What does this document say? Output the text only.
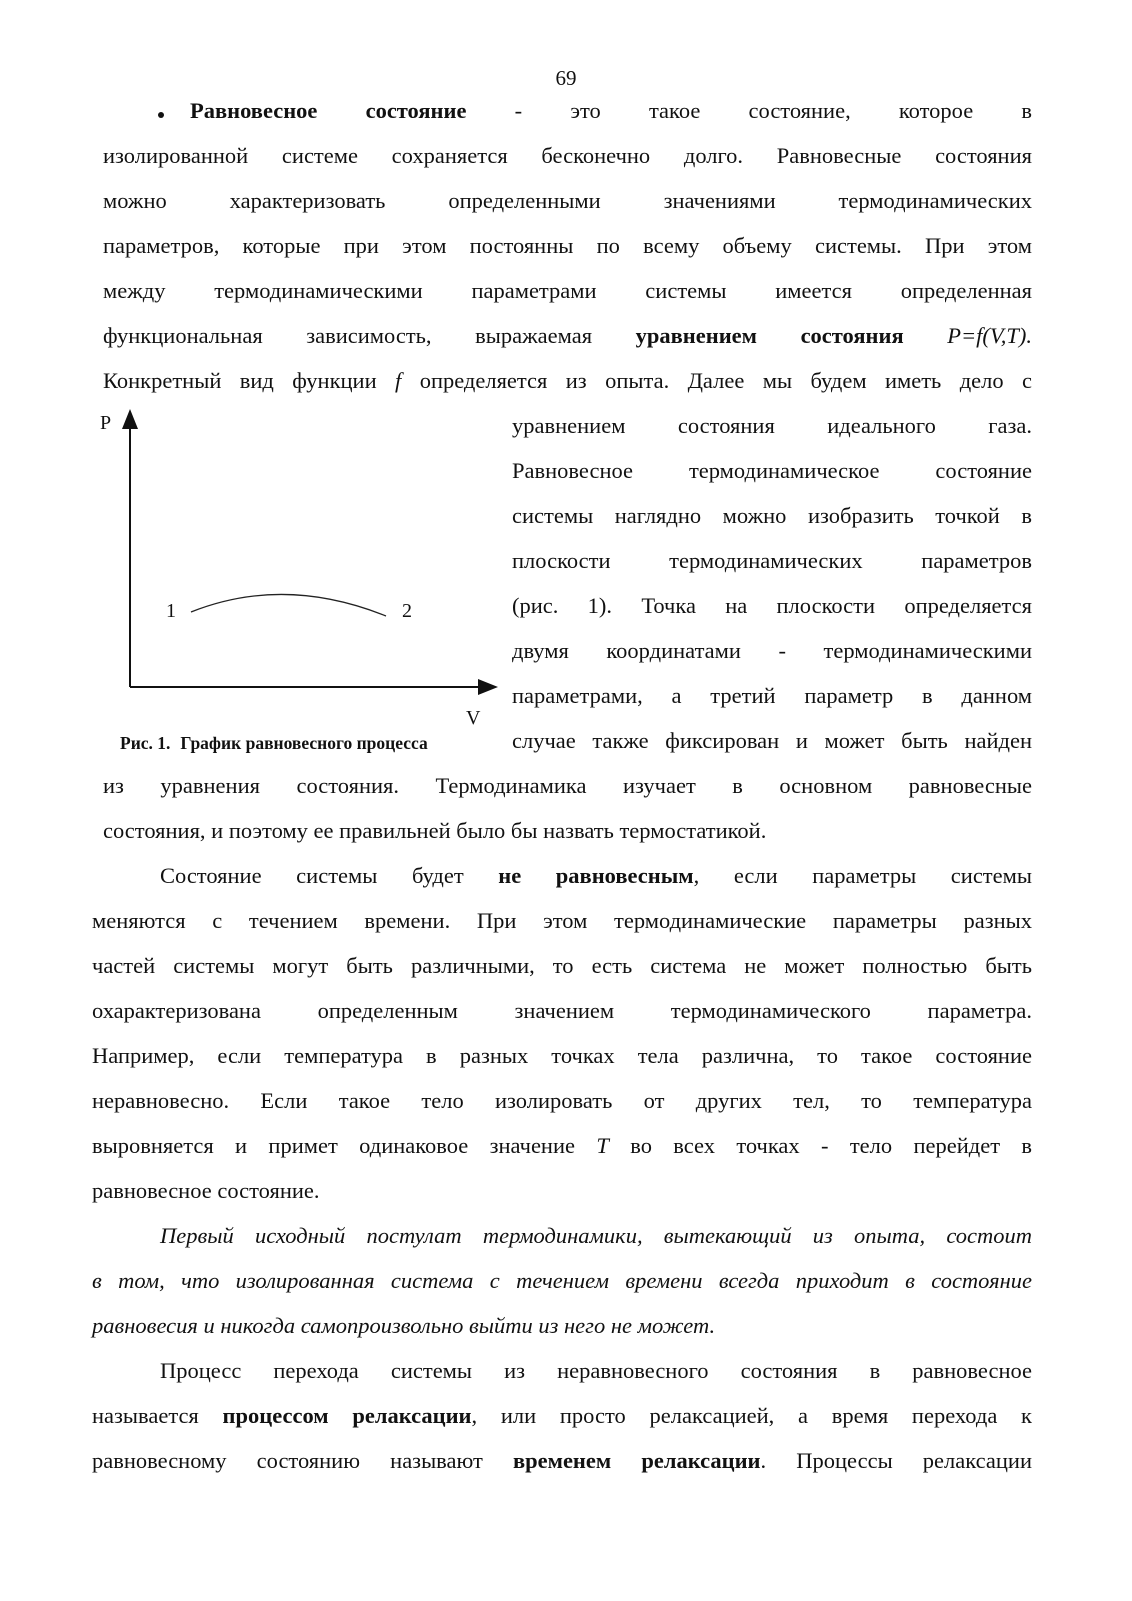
69
Равновесное состояние - это такое состояние, которое в
изолированной системе сохраняется бесконечно долго. Равновесные состояния
можно характеризовать определенными значениями термодинамических
параметров, которые при этом постоянны по всему объему системы. При этом
между термодинамическими параметрами системы имеется определенная
функциональная зависимость, выражаемая уравнением состояния P=f(V,T).
Конкретный вид функции f определяется из опыта. Далее мы будем иметь дело с
уравнением состояния идеального газа.
Равновесное термодинамическое состояние
системы наглядно можно изобразить точкой в
плоскости термодинамических параметров
(рис. 1). Точка на плоскости определяется
двумя координатами - термодинамическими
параметрами, а третий параметр в данном
случае также фиксирован и может быть найден
из уравнения состояния. Термодинамика изучает в основном равновесные
состояния, и поэтому ее правильней было бы назвать термостатикой.
P
V
1	2
Рис. 1. График равновесного процесса
Состояние системы будет не равновесным, если параметры системы
меняются с течением времени. При этом термодинамические параметры разных
частей системы могут быть различными, то есть система не может полностью быть
охарактеризована определенным значением термодинамического параметра.
Например, если температура в разных точках тела различна, то такое состояние
неравновесно. Если такое тело изолировать от других тел, то температура
выровняется и примет одинаковое значение T во всех точках - тело перейдет в
равновесное состояние.
Первый исходный постулат термодинамики, вытекающий из опыта, состоит
в том, что изолированная система с течением времени всегда приходит в состояние
равновесия и никогда самопроизвольно выйти из него не может.
Процесс перехода системы из неравновесного состояния в равновесное
называется процессом релаксации, или просто релаксацией, а время перехода к
равновесному состоянию называют временем релаксации. Процессы релаксации
